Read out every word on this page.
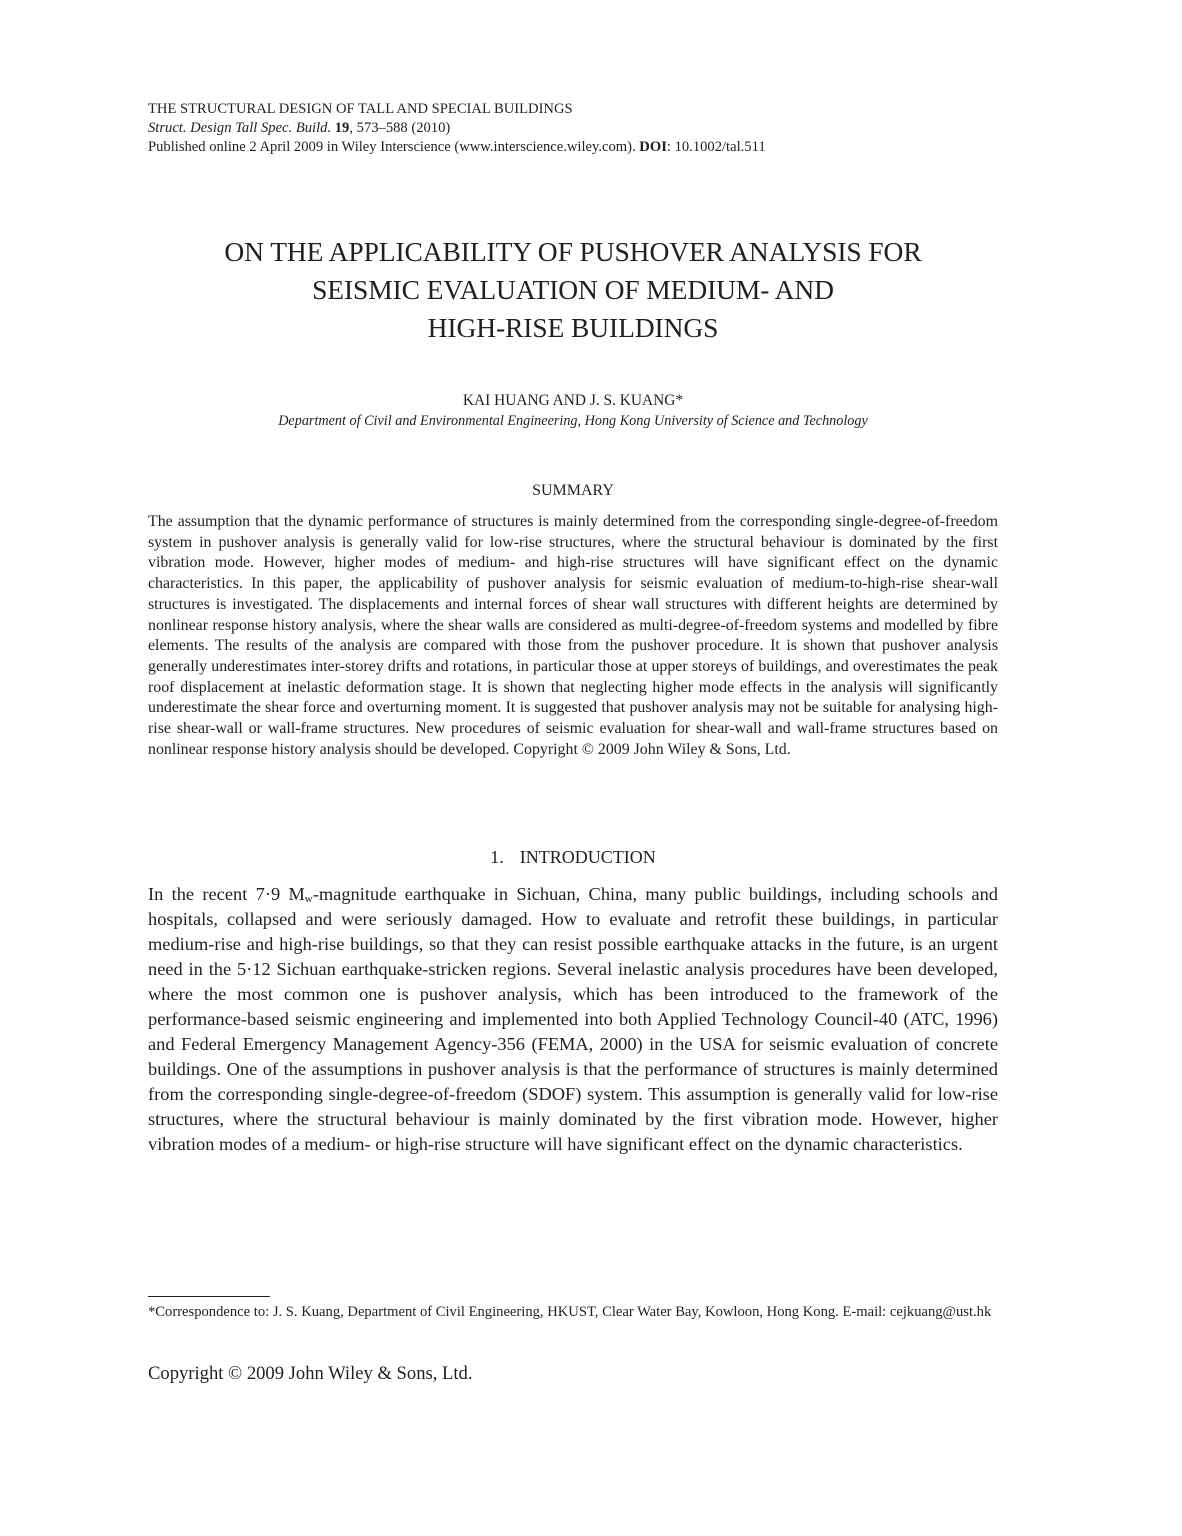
THE STRUCTURAL DESIGN OF TALL AND SPECIAL BUILDINGS
Struct. Design Tall Spec. Build. 19, 573–588 (2010)
Published online 2 April 2009 in Wiley Interscience (www.interscience.wiley.com). DOI: 10.1002/tal.511
ON THE APPLICABILITY OF PUSHOVER ANALYSIS FOR
SEISMIC EVALUATION OF MEDIUM- AND
HIGH-RISE BUILDINGS
KAI HUANG AND J. S. KUANG*
Department of Civil and Environmental Engineering, Hong Kong University of Science and Technology
SUMMARY
The assumption that the dynamic performance of structures is mainly determined from the corresponding single-degree-of-freedom system in pushover analysis is generally valid for low-rise structures, where the structural behaviour is dominated by the first vibration mode. However, higher modes of medium- and high-rise structures will have significant effect on the dynamic characteristics. In this paper, the applicability of pushover analysis for seismic evaluation of medium-to-high-rise shear-wall structures is investigated. The displacements and internal forces of shear wall structures with different heights are determined by nonlinear response history analysis, where the shear walls are considered as multi-degree-of-freedom systems and modelled by fibre elements. The results of the analysis are compared with those from the pushover procedure. It is shown that pushover analysis generally underestimates inter-storey drifts and rotations, in particular those at upper storeys of buildings, and overestimates the peak roof displacement at inelastic deformation stage. It is shown that neglecting higher mode effects in the analysis will significantly underestimate the shear force and overturning moment. It is suggested that pushover analysis may not be suitable for analysing high-rise shear-wall or wall-frame structures. New procedures of seismic evaluation for shear-wall and wall-frame structures based on nonlinear response history analysis should be developed. Copyright © 2009 John Wiley & Sons, Ltd.
1. INTRODUCTION
In the recent 7·9 $M_w$-magnitude earthquake in Sichuan, China, many public buildings, including schools and hospitals, collapsed and were seriously damaged. How to evaluate and retrofit these buildings, in particular medium-rise and high-rise buildings, so that they can resist possible earthquake attacks in the future, is an urgent need in the 5·12 Sichuan earthquake-stricken regions. Several inelastic analysis procedures have been developed, where the most common one is pushover analysis, which has been introduced to the framework of the performance-based seismic engineering and implemented into both Applied Technology Council-40 (ATC, 1996) and Federal Emergency Management Agency-356 (FEMA, 2000) in the USA for seismic evaluation of concrete buildings. One of the assumptions in pushover analysis is that the performance of structures is mainly determined from the corresponding single-degree-of-freedom (SDOF) system. This assumption is generally valid for low-rise structures, where the structural behaviour is mainly dominated by the first vibration mode. However, higher vibration modes of a medium- or high-rise structure will have significant effect on the dynamic characteristics.
*Correspondence to: J. S. Kuang, Department of Civil Engineering, HKUST, Clear Water Bay, Kowloon, Hong Kong. E-mail: cejkuang@ust.hk
Copyright © 2009 John Wiley & Sons, Ltd.
